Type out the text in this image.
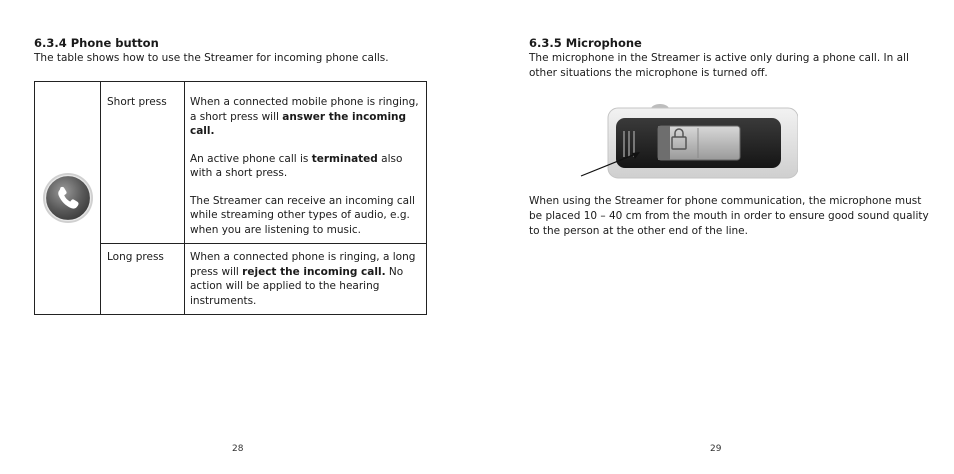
6.3.4 Phone button
The table shows how to use the Streamer for incoming phone calls.
	Short press	When a connected mobile phone is ringing, a short press will answer the incoming call.

An active phone call is terminated also with a short press.

The Streamer can receive an incoming call while streaming other types of audio, e.g. when you are listening to music.

	Long press	When a connected phone is ringing, a long press will reject the incoming call. No action will be applied to the hearing instruments.

28
6.3.5 Microphone
The microphone in the Streamer is active only during a phone call. In all other situations the microphone is turned off.
When using the Streamer for phone communication, the microphone must be placed 10 – 40 cm from the mouth in order to ensure good sound quality to the person at the other end of the line.
29
